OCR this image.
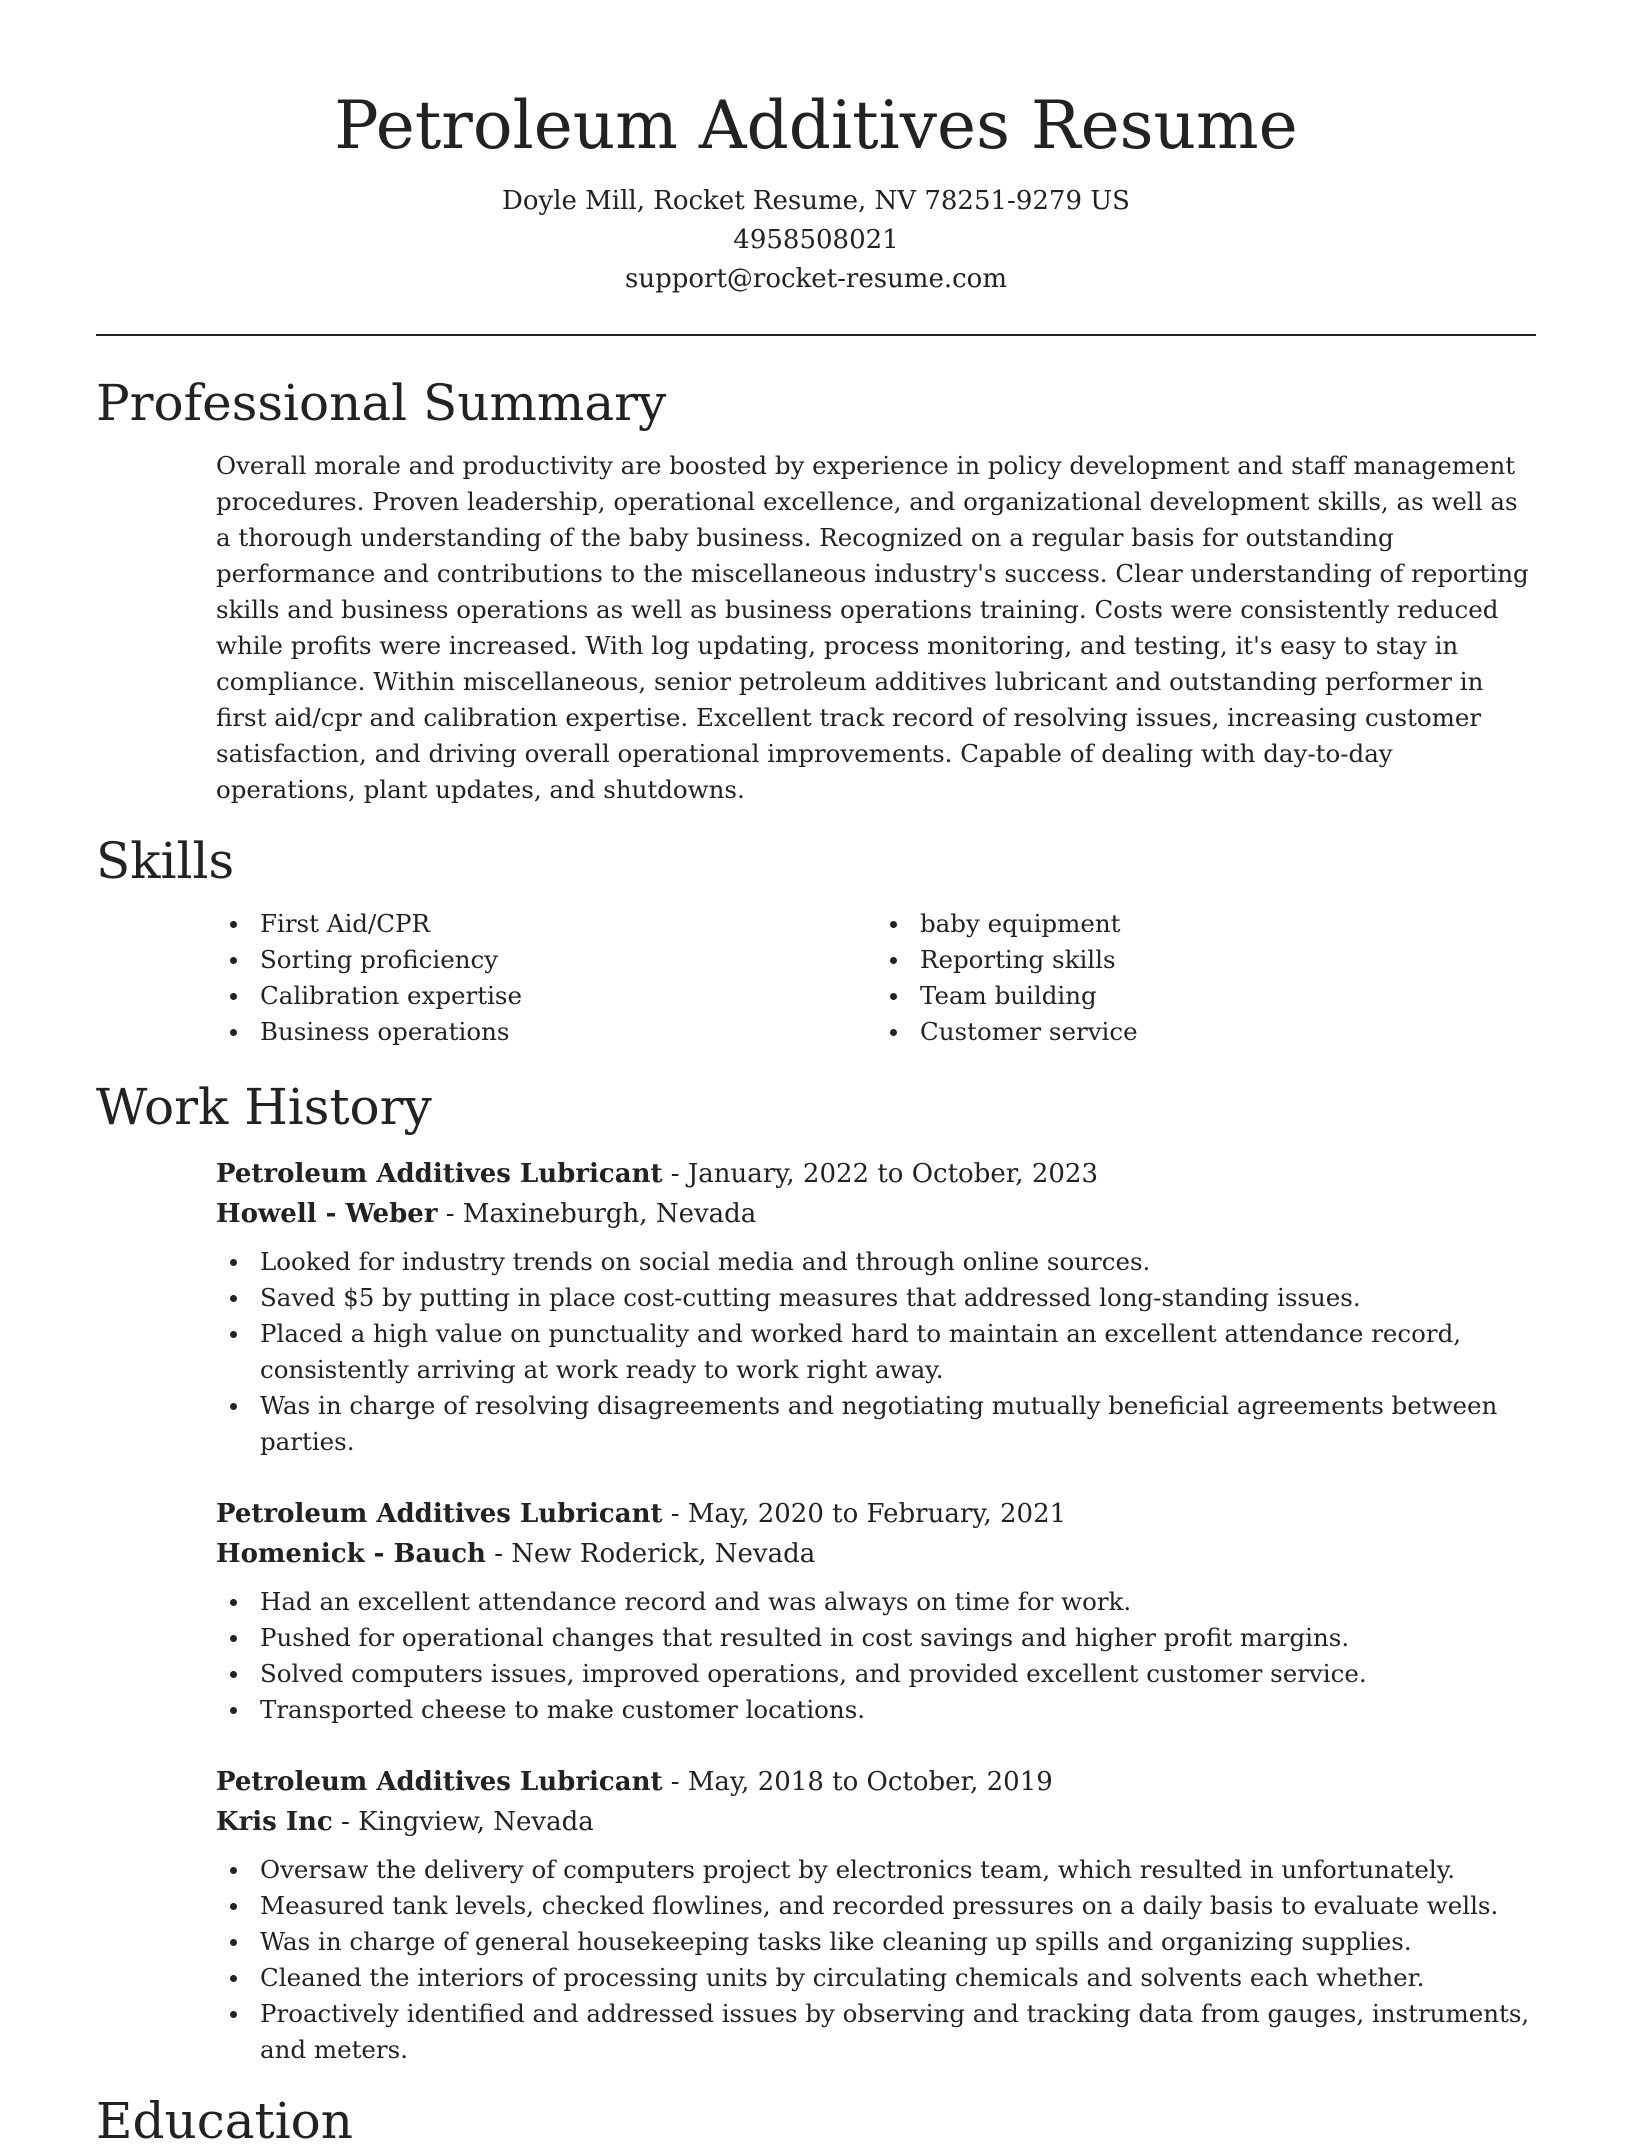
Petroleum Additives Resume
Doyle Mill, Rocket Resume, NV 78251-9279 US
4958508021
support@rocket-resume.com
Professional Summary

Overall morale and productivity are boosted by experience in policy development and staff management procedures. Proven leadership, operational excellence, and organizational development skills, as well as a thorough understanding of the baby business. Recognized on a regular basis for outstanding performance and contributions to the miscellaneous industry's success. Clear understanding of reporting skills and business operations as well as business operations training. Costs were consistently reduced while profits were increased. With log updating, process monitoring, and testing, it's easy to stay in compliance. Within miscellaneous, senior petroleum additives lubricant and outstanding performer in first aid/cpr and calibration expertise. Excellent track record of resolving issues, increasing customer satisfaction, and driving overall operational improvements. Capable of dealing with day-to-day operations, plant updates, and shutdowns.

Skills
First Aid/CPR
Sorting proficiency
Calibration expertise
Business operations
baby equipment
Reporting skills
Team building
Customer service
Work History
Petroleum Additives Lubricant - January, 2022 to October, 2023
Howell - Weber - Maxineburgh, Nevada
Looked for industry trends on social media and through online sources.
Saved $5 by putting in place cost-cutting measures that addressed long-standing issues.
Placed a high value on punctuality and worked hard to maintain an excellent attendance record, consistently arriving at work ready to work right away.
Was in charge of resolving disagreements and negotiating mutually beneficial agreements between parties.
Petroleum Additives Lubricant - May, 2020 to February, 2021
Homenick - Bauch - New Roderick, Nevada
Had an excellent attendance record and was always on time for work.
Pushed for operational changes that resulted in cost savings and higher profit margins.
Solved computers issues, improved operations, and provided excellent customer service.
Transported cheese to make customer locations.
Petroleum Additives Lubricant - May, 2018 to October, 2019
Kris Inc - Kingview, Nevada
Oversaw the delivery of computers project by electronics team, which resulted in unfortunately.
Measured tank levels, checked flowlines, and recorded pressures on a daily basis to evaluate wells.
Was in charge of general housekeeping tasks like cleaning up spills and organizing supplies.
Cleaned the interiors of processing units by circulating chemicals and solvents each whether.
Proactively identified and addressed issues by observing and tracking data from gauges, instruments, and meters.
Education
